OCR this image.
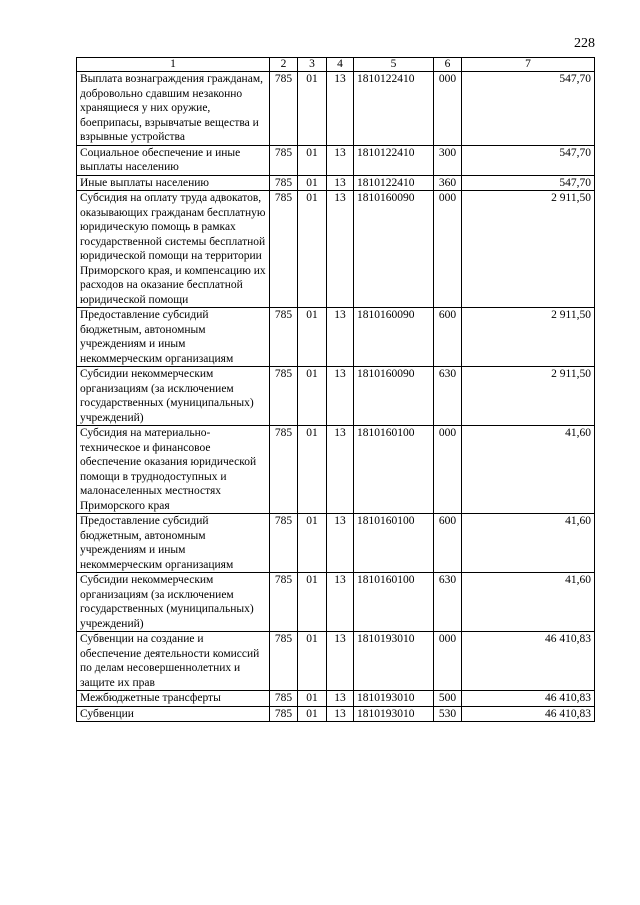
228
1	2	3	4	5	6	7
Выплата вознаграждения гражданам, добровольно сдавшим незаконно хранящиеся у них оружие, боеприпасы, взрывчатые вещества и взрывные устройства	785	01	13	1810122410	000	547,70
Социальное обеспечение и иные выплаты населению	785	01	13	1810122410	300	547,70
Иные выплаты населению	785	01	13	1810122410	360	547,70
Субсидия на оплату труда адвокатов, оказывающих гражданам бесплатную юридическую помощь в рамках государственной системы бесплатной юридической помощи на территории Приморского края, и компенсацию их расходов на оказание бесплатной юридической помощи	785	01	13	1810160090	000	2 911,50
Предоставление субсидий бюджетным, автономным учреждениям и иным некоммерческим организациям	785	01	13	1810160090	600	2 911,50
Субсидии некоммерческим организациям (за исключением государственных (муниципальных) учреждений)	785	01	13	1810160090	630	2 911,50
Субсидия на материально-техническое и финансовое обеспечение оказания юридической помощи в труднодоступных и малонаселенных местностях Приморского края	785	01	13	1810160100	000	41,60
Предоставление субсидий бюджетным, автономным учреждениям и иным некоммерческим организациям	785	01	13	1810160100	600	41,60
Субсидии некоммерческим организациям (за исключением государственных (муниципальных) учреждений)	785	01	13	1810160100	630	41,60
Субвенции на создание и обеспечение деятельности комиссий по делам несовершеннолетних и защите их прав	785	01	13	1810193010	000	46 410,83
Межбюджетные трансферты	785	01	13	1810193010	500	46 410,83
Субвенции	785	01	13	1810193010	530	46 410,83
